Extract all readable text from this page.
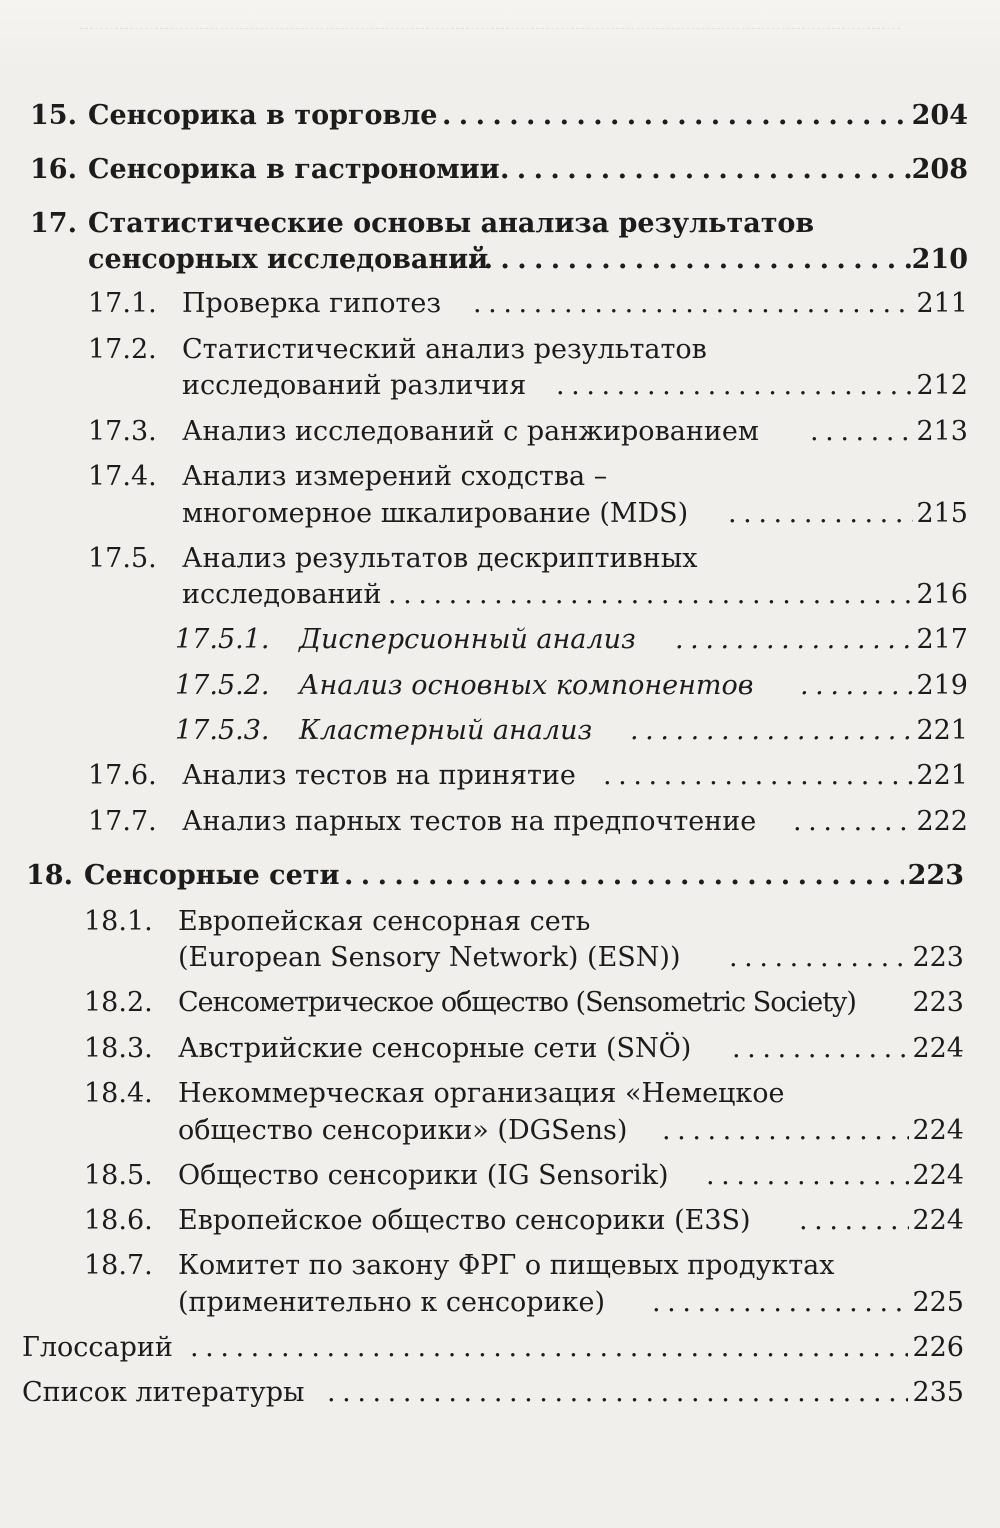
15. Сенсорика в торговле . . .	204
16. Сенсорика в гастрономии . . .	208
17. Статистические основы анализа результатов
сенсорных исследований . . .	210
17.1. Проверка гипотез . . .	211
17.2. Статистический анализ результатов
исследований различия . . .	212
17.3. Анализ исследований с ранжированием . . .	213
17.4. Анализ измерений сходства –
многомерное шкалирование (MDS) . . .	215
17.5. Анализ результатов дескриптивных
исследований . . .	216
17.5.1. Дисперсионный анализ . . .	217
17.5.2. Анализ основных компонентов . . .	219
17.5.3. Кластерный анализ . . .	221
17.6. Анализ тестов на принятие . . .	221
17.7. Анализ парных тестов на предпочтение . . .	222
18. Сенсорные сети . . .	223
18.1. Европейская сенсорная сеть
(European Sensory Network) (ESN)) . . .	223
18.2. Сенсометрическое общество (Sensometric Society) 223
18.3. Австрийские сенсорные сети (SNÖ) . . .	224
18.4. Некоммерческая организация «Немецкое
общество сенсорики» (DGSens) . . .	224
18.5. Общество сенсорики (IG Sensorik) . . .	224
18.6. Европейское общество сенсорики (E3S) . . .	224
18.7. Комитет по закону ФРГ о пищевых продуктах
(применительно к сенсорике) . . .	225
Глоссарий . . .	226
Список литературы . . .	235
